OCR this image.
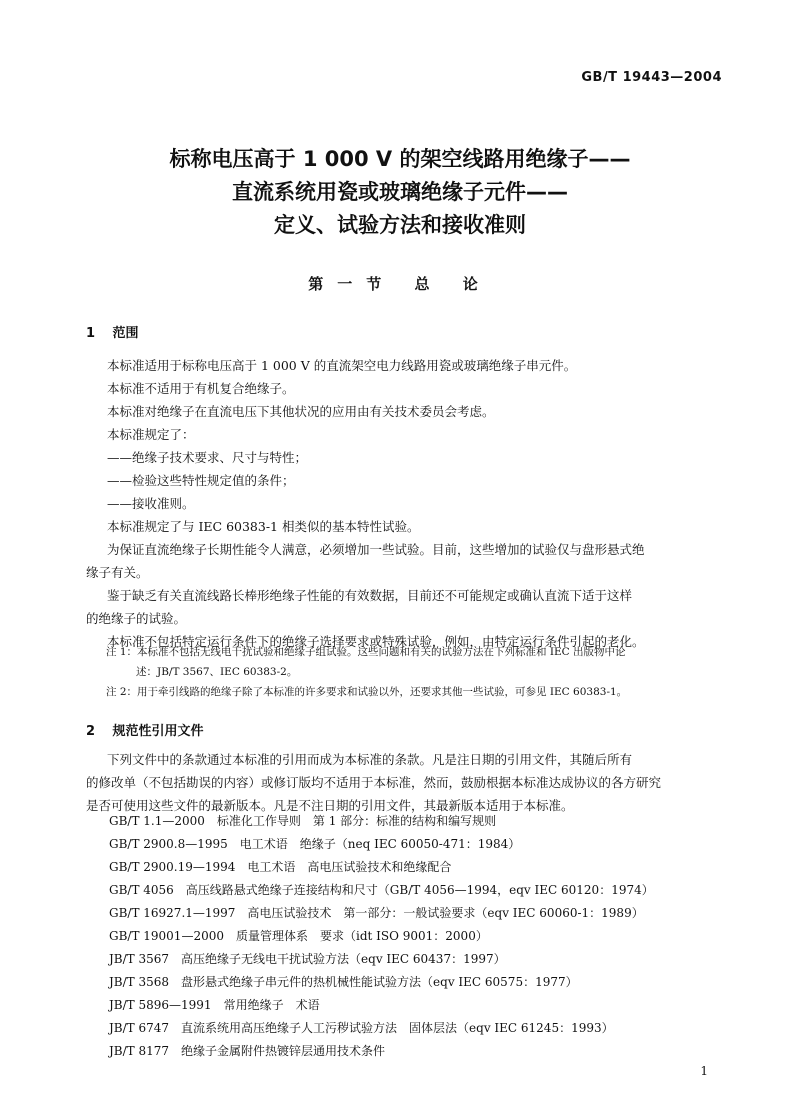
GB/T 19443—2004
标称电压高于 1 000 V 的架空线路用绝缘子——
直流系统用瓷或玻璃绝缘子元件——
定义、试验方法和接收准则
第一节 总 论
1 范围
本标准适用于标称电压高于 1 000 V 的直流架空电力线路用瓷或玻璃绝缘子串元件。
本标准不适用于有机复合绝缘子。
本标准对绝缘子在直流电压下其他状况的应用由有关技术委员会考虑。
本标准规定了：
——绝缘子技术要求、尺寸与特性；
——检验这些特性规定值的条件；
——接收准则。
本标准规定了与 IEC 60383-1 相类似的基本特性试验。
为保证直流绝缘子长期性能令人满意，必须增加一些试验。目前，这些增加的试验仅与盘形悬式绝
缘子有关。
鉴于缺乏有关直流线路长棒形绝缘子性能的有效数据，目前还不可能规定或确认直流下适于这样
的绝缘子的试验。
本标准不包括特定运行条件下的绝缘子选择要求或特殊试验，例如，由特定运行条件引起的老化。
注 1：本标准不包括无线电干扰试验和绝缘子组试验。这些问题和有关的试验方法在下列标准和 IEC 出版物中论
述：JB/T 3567、IEC 60383-2。
注 2：用于牵引线路的绝缘子除了本标准的许多要求和试验以外，还要求其他一些试验，可参见 IEC 60383-1。
2 规范性引用文件
下列文件中的条款通过本标准的引用而成为本标准的条款。凡是注日期的引用文件，其随后所有
的修改单（不包括勘误的内容）或修订版均不适用于本标准，然而，鼓励根据本标准达成协议的各方研究
是否可使用这些文件的最新版本。凡是不注日期的引用文件，其最新版本适用于本标准。
GB/T 1.1—2000　标准化工作导则　第 1 部分：标准的结构和编写规则
GB/T 2900.8—1995　电工术语　绝缘子（neq IEC 60050-471：1984）
GB/T 2900.19—1994　电工术语　高电压试验技术和绝缘配合
GB/T 4056　高压线路悬式绝缘子连接结构和尺寸（GB/T 4056—1994，eqv IEC 60120：1974）
GB/T 16927.1—1997　高电压试验技术　第一部分：一般试验要求（eqv IEC 60060-1：1989）
GB/T 19001—2000　质量管理体系　要求（idt ISO 9001：2000）
JB/T 3567　高压绝缘子无线电干扰试验方法（eqv IEC 60437：1997）
JB/T 3568　盘形悬式绝缘子串元件的热机械性能试验方法（eqv IEC 60575：1977）
JB/T 5896—1991　常用绝缘子　术语
JB/T 6747　直流系统用高压绝缘子人工污秽试验方法　固体层法（eqv IEC 61245：1993）
JB/T 8177　绝缘子金属附件热镀锌层通用技术条件
1
